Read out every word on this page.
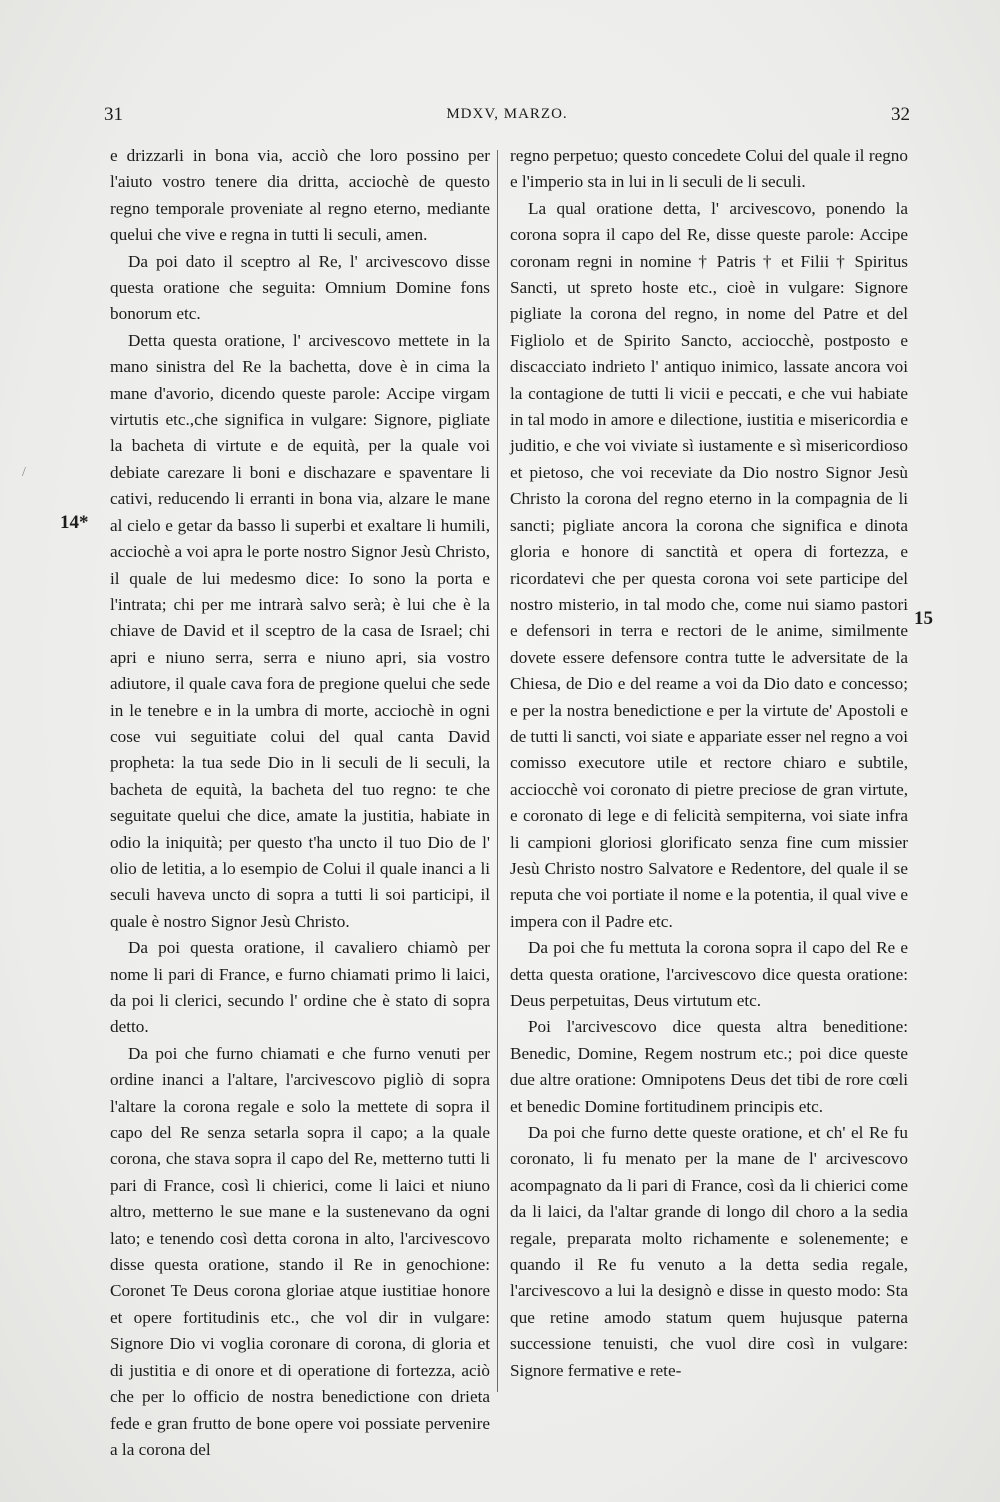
31	MDXV, MARZO.	32
/
14*
15

e drizzarli in bona via, acciò che loro possino per l'aiuto vostro tenere dia dritta, acciochè de questo regno temporale proveniate al regno eterno, mediante quelui che vive e regna in tutti li seculi, amen.

Da poi dato il sceptro al Re, l' arcivescovo disse questa oratione che seguita: Omnium Domine fons bonorum etc.

Detta questa oratione, l' arcivescovo mettete in la mano sinistra del Re la bachetta, dove è in cima la mane d'avorio, dicendo queste parole: Accipe virgam virtutis etc.,che significa in vulgare: Signore, pigliate la bacheta di virtute e de equità, per la quale voi debiate carezare li boni e dischazare e spaventare li cativi, reducendo li erranti in bona via, alzare le mane al cielo e getar da basso li superbi et exaltare li humili, acciochè a voi apra le porte nostro Signor Jesù Christo, il quale de lui medesmo dice: Io sono la porta e l'intrata; chi per me intrarà salvo serà; è lui che è la chiave de David et il sceptro de la casa de Israel; chi apri e niuno serra, serra e niuno apri, sia vostro adiutore, il quale cava fora de pregione quelui che sede in le tenebre e in la umbra di morte, acciochè in ogni cose vui seguitiate colui del qual canta David propheta: la tua sede Dio in li seculi de li seculi, la bacheta de equità, la bacheta del tuo regno: te che seguitate quelui che dice, amate la justitia, habiate in odio la iniquità; per questo t'ha uncto il tuo Dio de l' olio de letitia, a lo esempio de Colui il quale inanci a li seculi haveva uncto di sopra a tutti li soi participi, il quale è nostro Signor Jesù Christo.

Da poi questa oratione, il cavaliero chiamò per nome li pari di France, e furno chiamati primo li laici, da poi li clerici, secundo l' ordine che è stato di sopra detto.

Da poi che furno chiamati e che furno venuti per ordine inanci a l'altare, l'arcivescovo pigliò di sopra l'altare la corona regale e solo la mettete di sopra il capo del Re senza setarla sopra il capo; a la quale corona, che stava sopra il capo del Re, metterno tutti li pari di France, così li chierici, come li laici et niuno altro, metterno le sue mane e la sustenevano da ogni lato; e tenendo così detta corona in alto, l'arcivescovo disse questa oratione, stando il Re in genochione: Coronet Te Deus corona gloriae atque iustitiae honore et opere fortitudinis etc., che vol dir in vulgare: Signore Dio vi voglia coronare di corona, di gloria et di justitia e di onore et di operatione di fortezza, aciò che per lo officio de nostra benedictione con drieta fede e gran frutto de bone opere voi possiate pervenire a la corona del

regno perpetuo; questo concedete Colui del quale il regno e l'imperio sta in lui in li seculi de li seculi.

La qual oratione detta, l' arcivescovo, ponendo la corona sopra il capo del Re, disse queste parole: Accipe coronam regni in nomine † Patris † et Filii † Spiritus Sancti, ut spreto hoste etc., cioè in vulgare: Signore pigliate la corona del regno, in nome del Patre et del Figliolo et de Spirito Sancto, acciocchè, postposto e discacciato indrieto l' antiquo inimico, lassate ancora voi la contagione de tutti li vicii e peccati, e che vui habiate in tal modo in amore e dilectione, iustitia e misericordia e juditio, e che voi viviate sì iustamente e sì misericordioso et pietoso, che voi receviate da Dio nostro Signor Jesù Christo la corona del regno eterno in la compagnia de li sancti; pigliate ancora la corona che significa e dinota gloria e honore di sanctità et opera di fortezza, e ricordatevi che per questa corona voi sete participe del nostro misterio, in tal modo che, come nui siamo pastori e defensori in terra e rectori de le anime, similmente dovete essere defensore contra tutte le adversitate de la Chiesa, de Dio e del reame a voi da Dio dato e concesso; e per la nostra benedictione e per la virtute de' Apostoli e de tutti li sancti, voi siate e appariate esser nel regno a voi comisso executore utile et rectore chiaro e subtile, acciocchè voi coronato di pietre preciose de gran virtute, e coronato di lege e di felicità sempiterna, voi siate infra li campioni gloriosi glorificato senza fine cum missier Jesù Christo nostro Salvatore e Redentore, del quale il se reputa che voi portiate il nome e la potentia, il qual vive e impera con il Padre etc.

Da poi che fu mettuta la corona sopra il capo del Re e detta questa oratione, l'arcivescovo dice questa oratione: Deus perpetuitas, Deus virtutum etc.

Poi l'arcivescovo dice questa altra beneditione: Benedic, Domine, Regem nostrum etc.; poi dice queste due altre oratione: Omnipotens Deus det tibi de rore cœli et benedic Domine fortitudinem principis etc.

Da poi che furno dette queste oratione, et ch' el Re fu coronato, li fu menato per la mane de l' arcivescovo acompagnato da li pari di France, così da li chierici come da li laici, da l'altar grande di longo dil choro a la sedia regale, preparata molto richamente e solenemente; e quando il Re fu venuto a la detta sedia regale, l'arcivescovo a lui la designò e disse in questo modo: Sta que retine amodo statum quem hujusque paterna successione tenuisti, che vuol dire così in vulgare: Signore fermative e rete-
